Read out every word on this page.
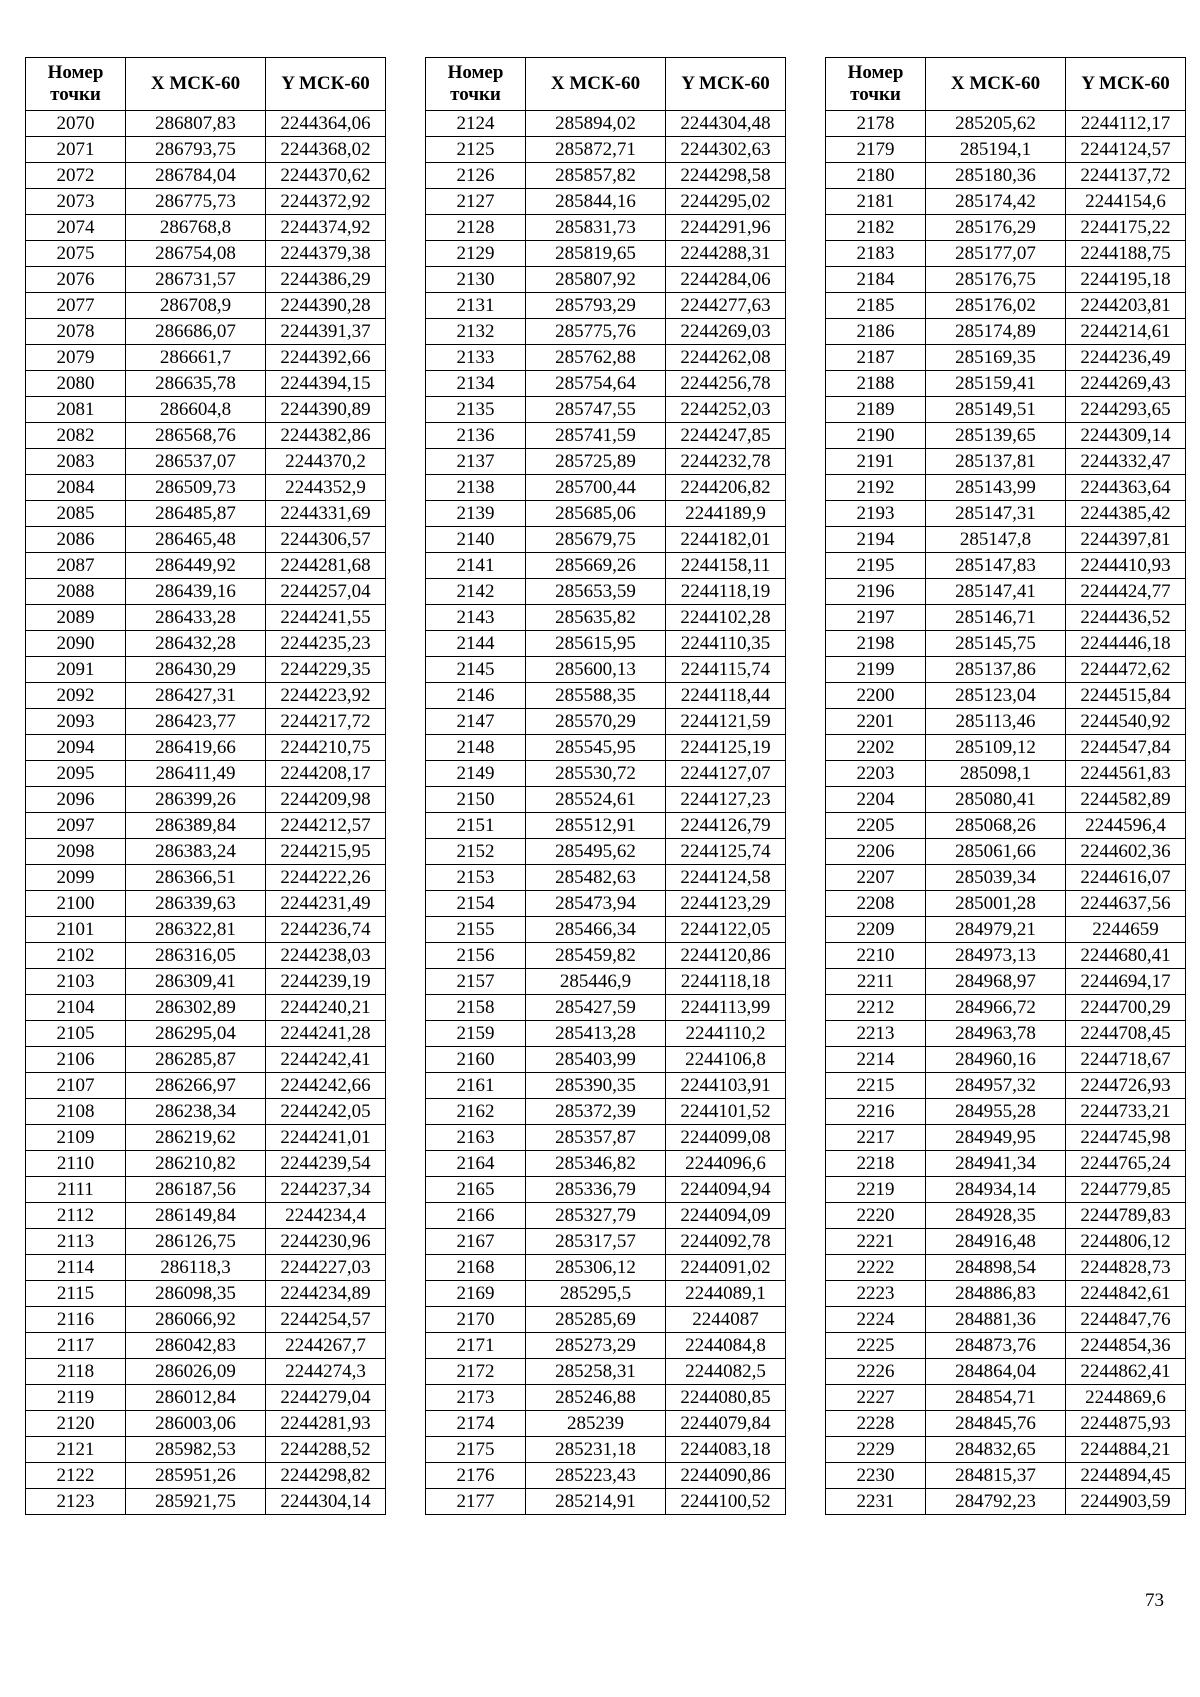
Номер
точки	X МСК-60	Y МСК-60
2070	286807,83	2244364,06
2071	286793,75	2244368,02
2072	286784,04	2244370,62
2073	286775,73	2244372,92
2074	286768,8	2244374,92
2075	286754,08	2244379,38
2076	286731,57	2244386,29
2077	286708,9	2244390,28
2078	286686,07	2244391,37
2079	286661,7	2244392,66
2080	286635,78	2244394,15
2081	286604,8	2244390,89
2082	286568,76	2244382,86
2083	286537,07	2244370,2
2084	286509,73	2244352,9
2085	286485,87	2244331,69
2086	286465,48	2244306,57
2087	286449,92	2244281,68
2088	286439,16	2244257,04
2089	286433,28	2244241,55
2090	286432,28	2244235,23
2091	286430,29	2244229,35
2092	286427,31	2244223,92
2093	286423,77	2244217,72
2094	286419,66	2244210,75
2095	286411,49	2244208,17
2096	286399,26	2244209,98
2097	286389,84	2244212,57
2098	286383,24	2244215,95
2099	286366,51	2244222,26
2100	286339,63	2244231,49
2101	286322,81	2244236,74
2102	286316,05	2244238,03
2103	286309,41	2244239,19
2104	286302,89	2244240,21
2105	286295,04	2244241,28
2106	286285,87	2244242,41
2107	286266,97	2244242,66
2108	286238,34	2244242,05
2109	286219,62	2244241,01
2110	286210,82	2244239,54
2111	286187,56	2244237,34
2112	286149,84	2244234,4
2113	286126,75	2244230,96
2114	286118,3	2244227,03
2115	286098,35	2244234,89
2116	286066,92	2244254,57
2117	286042,83	2244267,7
2118	286026,09	2244274,3
2119	286012,84	2244279,04
2120	286003,06	2244281,93
2121	285982,53	2244288,52
2122	285951,26	2244298,82
2123	285921,75	2244304,14
Номер
точки	X МСК-60	Y МСК-60
2124	285894,02	2244304,48
2125	285872,71	2244302,63
2126	285857,82	2244298,58
2127	285844,16	2244295,02
2128	285831,73	2244291,96
2129	285819,65	2244288,31
2130	285807,92	2244284,06
2131	285793,29	2244277,63
2132	285775,76	2244269,03
2133	285762,88	2244262,08
2134	285754,64	2244256,78
2135	285747,55	2244252,03
2136	285741,59	2244247,85
2137	285725,89	2244232,78
2138	285700,44	2244206,82
2139	285685,06	2244189,9
2140	285679,75	2244182,01
2141	285669,26	2244158,11
2142	285653,59	2244118,19
2143	285635,82	2244102,28
2144	285615,95	2244110,35
2145	285600,13	2244115,74
2146	285588,35	2244118,44
2147	285570,29	2244121,59
2148	285545,95	2244125,19
2149	285530,72	2244127,07
2150	285524,61	2244127,23
2151	285512,91	2244126,79
2152	285495,62	2244125,74
2153	285482,63	2244124,58
2154	285473,94	2244123,29
2155	285466,34	2244122,05
2156	285459,82	2244120,86
2157	285446,9	2244118,18
2158	285427,59	2244113,99
2159	285413,28	2244110,2
2160	285403,99	2244106,8
2161	285390,35	2244103,91
2162	285372,39	2244101,52
2163	285357,87	2244099,08
2164	285346,82	2244096,6
2165	285336,79	2244094,94
2166	285327,79	2244094,09
2167	285317,57	2244092,78
2168	285306,12	2244091,02
2169	285295,5	2244089,1
2170	285285,69	2244087
2171	285273,29	2244084,8
2172	285258,31	2244082,5
2173	285246,88	2244080,85
2174	285239	2244079,84
2175	285231,18	2244083,18
2176	285223,43	2244090,86
2177	285214,91	2244100,52
Номер
точки	X МСК-60	Y МСК-60
2178	285205,62	2244112,17
2179	285194,1	2244124,57
2180	285180,36	2244137,72
2181	285174,42	2244154,6
2182	285176,29	2244175,22
2183	285177,07	2244188,75
2184	285176,75	2244195,18
2185	285176,02	2244203,81
2186	285174,89	2244214,61
2187	285169,35	2244236,49
2188	285159,41	2244269,43
2189	285149,51	2244293,65
2190	285139,65	2244309,14
2191	285137,81	2244332,47
2192	285143,99	2244363,64
2193	285147,31	2244385,42
2194	285147,8	2244397,81
2195	285147,83	2244410,93
2196	285147,41	2244424,77
2197	285146,71	2244436,52
2198	285145,75	2244446,18
2199	285137,86	2244472,62
2200	285123,04	2244515,84
2201	285113,46	2244540,92
2202	285109,12	2244547,84
2203	285098,1	2244561,83
2204	285080,41	2244582,89
2205	285068,26	2244596,4
2206	285061,66	2244602,36
2207	285039,34	2244616,07
2208	285001,28	2244637,56
2209	284979,21	2244659
2210	284973,13	2244680,41
2211	284968,97	2244694,17
2212	284966,72	2244700,29
2213	284963,78	2244708,45
2214	284960,16	2244718,67
2215	284957,32	2244726,93
2216	284955,28	2244733,21
2217	284949,95	2244745,98
2218	284941,34	2244765,24
2219	284934,14	2244779,85
2220	284928,35	2244789,83
2221	284916,48	2244806,12
2222	284898,54	2244828,73
2223	284886,83	2244842,61
2224	284881,36	2244847,76
2225	284873,76	2244854,36
2226	284864,04	2244862,41
2227	284854,71	2244869,6
2228	284845,76	2244875,93
2229	284832,65	2244884,21
2230	284815,37	2244894,45
2231	284792,23	2244903,59
73
